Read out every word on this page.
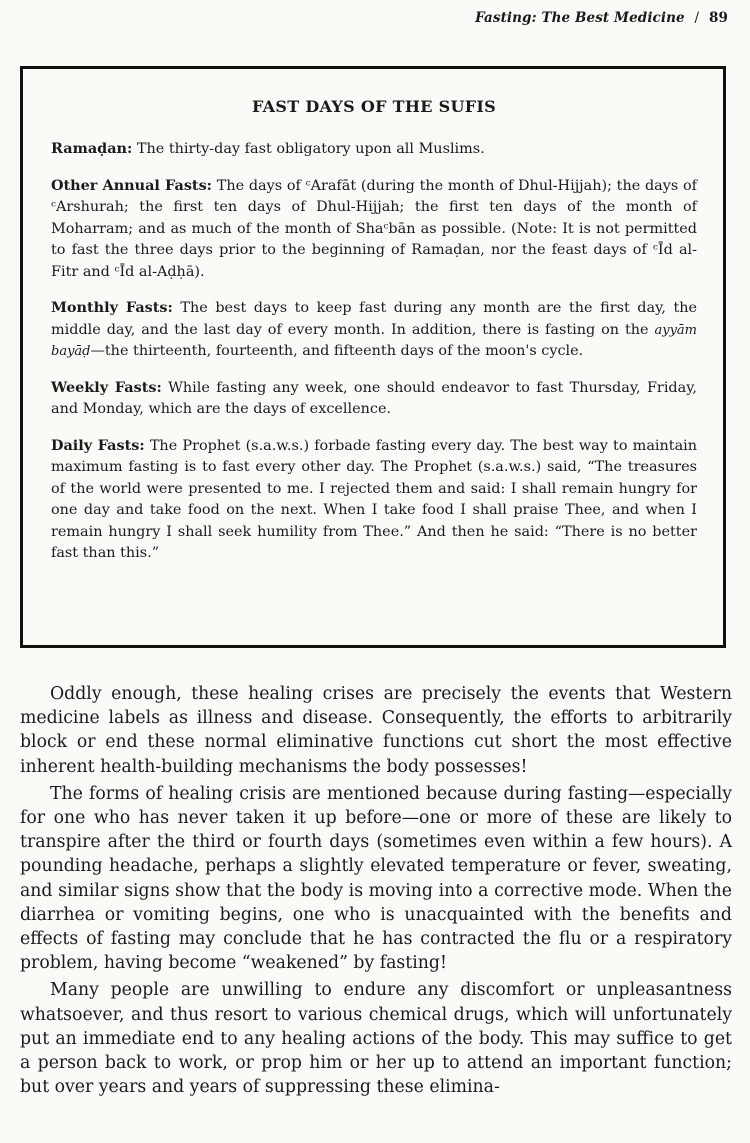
Fasting: The Best Medicine / 89
FAST DAYS OF THE SUFIS

Ramaḍan: The thirty-day fast obligatory upon all Muslims.

Other Annual Fasts: The days of ᶜArafāt (during the month of Dhul-Hijjah); the days of ᶜArshurah; the first ten days of Dhul-Hijjah; the first ten days of the month of Moharram; and as much of the month of Shaᶜbān as possible. (Note: It is not permitted to fast the three days prior to the beginning of Ramaḍan, nor the feast days of ᶜĪd al-Fitr and ᶜĪd al-Aḍḥā).

Monthly Fasts: The best days to keep fast during any month are the first day, the middle day, and the last day of every month. In addition, there is fasting on the ayyām bayāḍ—the thirteenth, fourteenth, and fifteenth days of the moon's cycle.

Weekly Fasts: While fasting any week, one should endeavor to fast Thursday, Friday, and Monday, which are the days of excellence.

Daily Fasts: The Prophet (s.a.w.s.) forbade fasting every day. The best way to maintain maximum fasting is to fast every other day. The Prophet (s.a.w.s.) said, “The treasures of the world were presented to me. I rejected them and said: I shall remain hungry for one day and take food on the next. When I take food I shall praise Thee, and when I remain hungry I shall seek humility from Thee.” And then he said: “There is no better fast than this.”

Oddly enough, these healing crises are precisely the events that Western medicine labels as illness and disease. Consequently, the efforts to arbitrarily block or end these normal eliminative functions cut short the most effective inherent health-building mechanisms the body possesses!

The forms of healing crisis are mentioned because during fasting—especially for one who has never taken it up before—one or more of these are likely to transpire after the third or fourth days (sometimes even within a few hours). A pounding headache, perhaps a slightly elevated temperature or fever, sweating, and similar signs show that the body is moving into a corrective mode. When the diarrhea or vomiting begins, one who is unacquainted with the benefits and effects of fasting may conclude that he has contracted the flu or a respiratory problem, having become “weakened” by fasting!

Many people are unwilling to endure any discomfort or unpleasantness whatsoever, and thus resort to various chemical drugs, which will unfortunately put an immediate end to any healing actions of the body. This may suffice to get a person back to work, or prop him or her up to attend an important function; but over years and years of suppressing these elimina-
